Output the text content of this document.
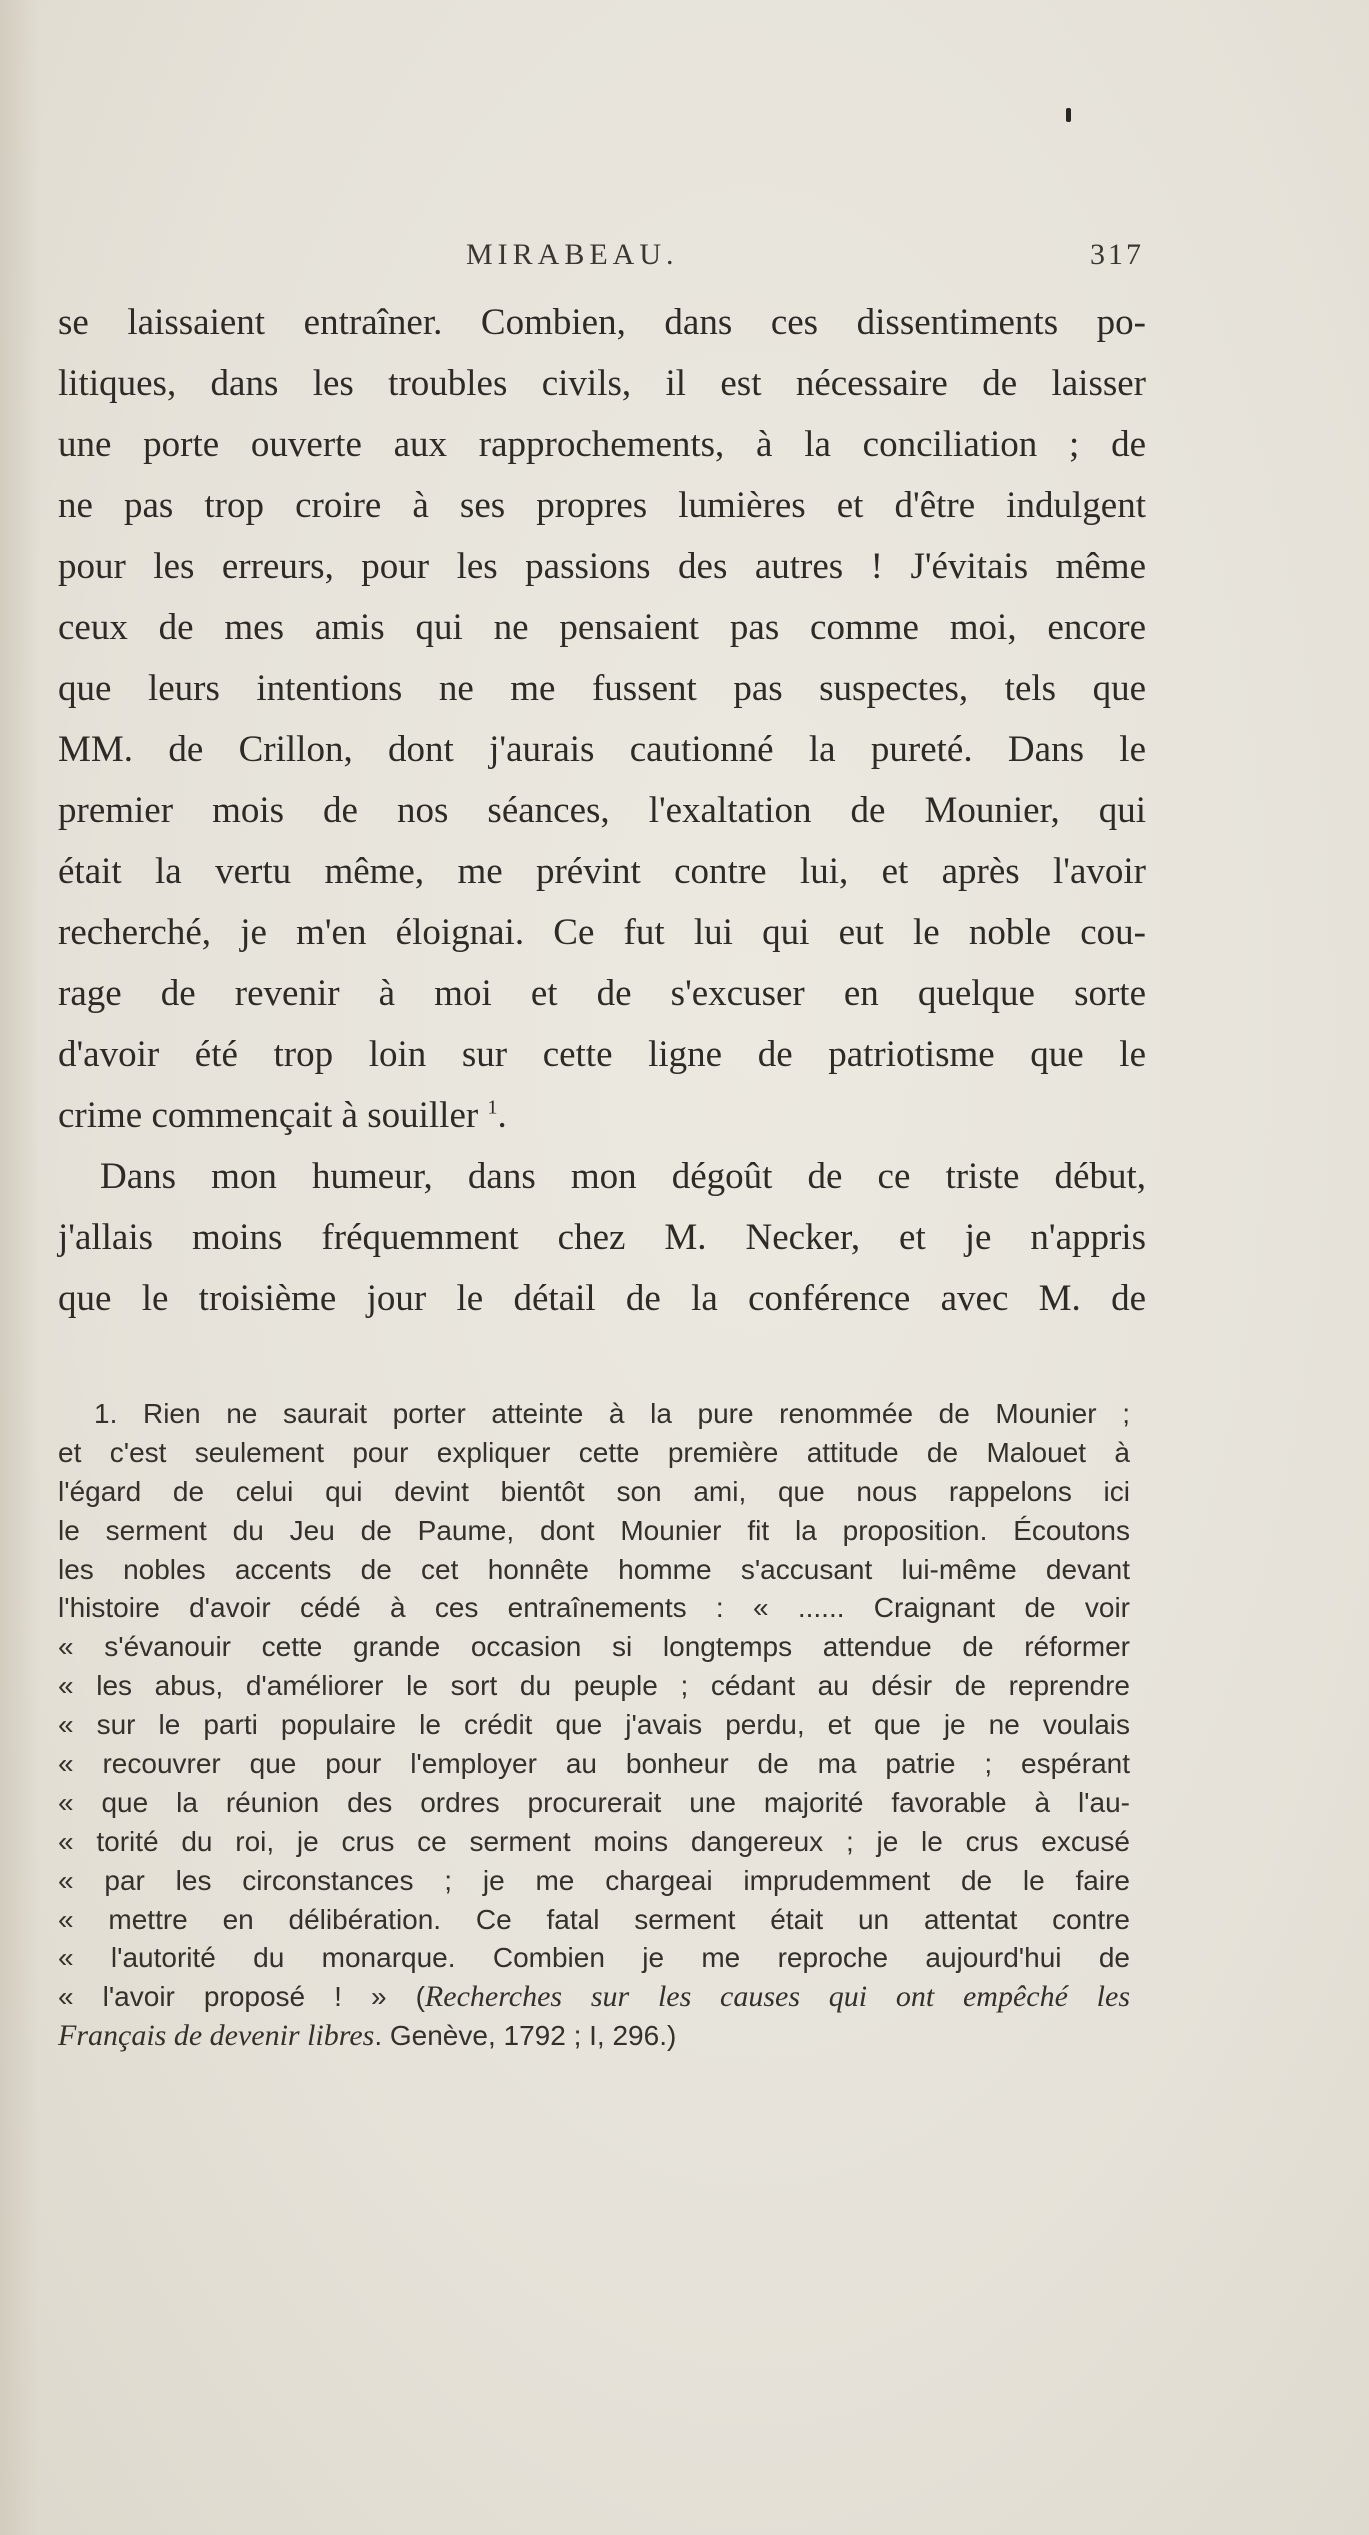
MIRABEAU.	317
se laissaient entraîner. Combien, dans ces dissentiments po-
litiques, dans les troubles civils, il est nécessaire de laisser
une porte ouverte aux rapprochements, à la conciliation ; de
ne pas trop croire à ses propres lumières et d'être indulgent
pour les erreurs, pour les passions des autres ! J'évitais même
ceux de mes amis qui ne pensaient pas comme moi, encore
que leurs intentions ne me fussent pas suspectes, tels que
MM. de Crillon, dont j'aurais cautionné la pureté. Dans le
premier mois de nos séances, l'exaltation de Mounier, qui
était la vertu même, me prévint contre lui, et après l'avoir
recherché, je m'en éloignai. Ce fut lui qui eut le noble cou-
rage de revenir à moi et de s'excuser en quelque sorte
d'avoir été trop loin sur cette ligne de patriotisme que le
crime commençait à souiller $^1$.
Dans mon humeur, dans mon dégoût de ce triste début,
j'allais moins fréquemment chez M. Necker, et je n'appris
que le troisième jour le détail de la conférence avec M. de
1. Rien ne saurait porter atteinte à la pure renommée de Mounier ;
et c'est seulement pour expliquer cette première attitude de Malouet à
l'égard de celui qui devint bientôt son ami, que nous rappelons ici
le serment du Jeu de Paume, dont Mounier fit la proposition. Écoutons
les nobles accents de cet honnête homme s'accusant lui-même devant
l'histoire d'avoir cédé à ces entraînements : « ...... Craignant de voir
« s'évanouir cette grande occasion si longtemps attendue de réformer
« les abus, d'améliorer le sort du peuple ; cédant au désir de reprendre
« sur le parti populaire le crédit que j'avais perdu, et que je ne voulais
« recouvrer que pour l'employer au bonheur de ma patrie ; espérant
« que la réunion des ordres procurerait une majorité favorable à l'au-
« torité du roi, je crus ce serment moins dangereux ; je le crus excusé
« par les circonstances ; je me chargeai imprudemment de le faire
« mettre en délibération. Ce fatal serment était un attentat contre
« l'autorité du monarque. Combien je me reproche aujourd'hui de
« l'avoir proposé ! » (Recherches sur les causes qui ont empêché les
Français de devenir libres. Genève, 1792 ; I, 296.)
